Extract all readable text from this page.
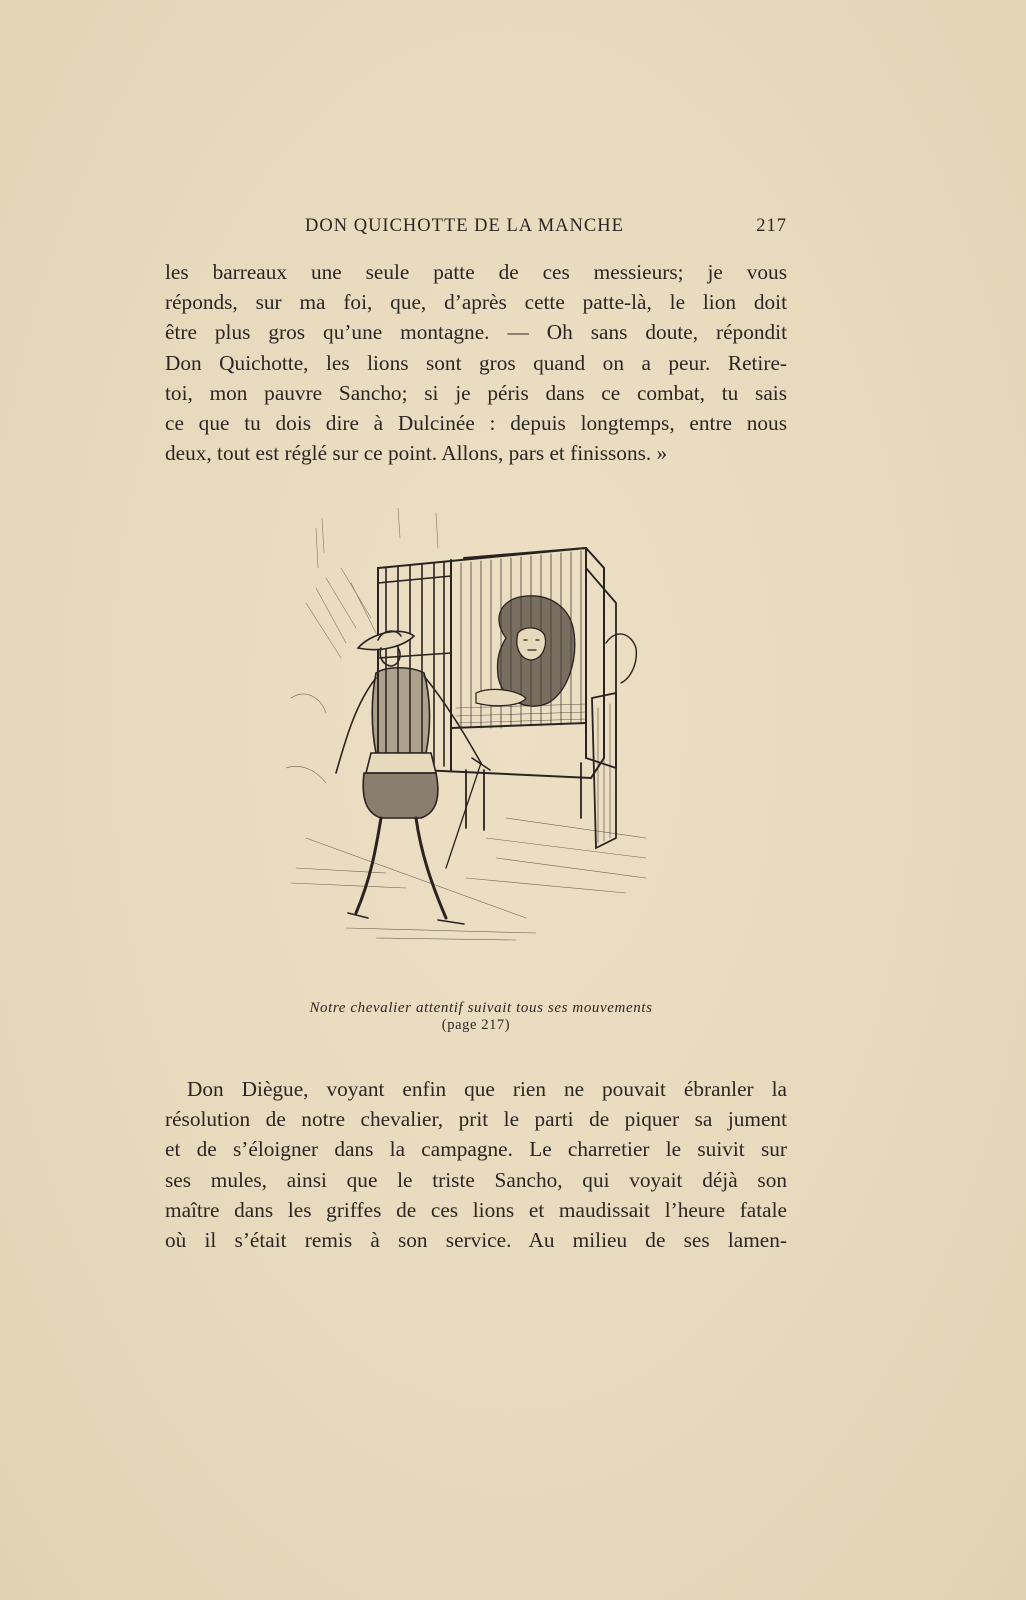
DON QUICHOTTE DE LA MANCHE	217
les barreaux une seule patte de ces messieurs; je vous
réponds, sur ma foi, que, d’après cette patte-là, le lion doit
être plus gros qu’une montagne. — Oh sans doute, répondit
Don Quichotte, les lions sont gros quand on a peur. Retire-
toi, mon pauvre Sancho; si je péris dans ce combat, tu sais
ce que tu dois dire à Dulcinée : depuis longtemps, entre nous
deux, tout est réglé sur ce point. Allons, pars et finissons. »
Notre chevalier attentif suivait tous ses mouvements
(page 217)
Don Diègue, voyant enfin que rien ne pouvait ébranler la
résolution de notre chevalier, prit le parti de piquer sa jument
et de s’éloigner dans la campagne. Le charretier le suivit sur
ses mules, ainsi que le triste Sancho, qui voyait déjà son
maître dans les griffes de ces lions et maudissait l’heure fatale
où il s’était remis à son service. Au milieu de ses lamen-
